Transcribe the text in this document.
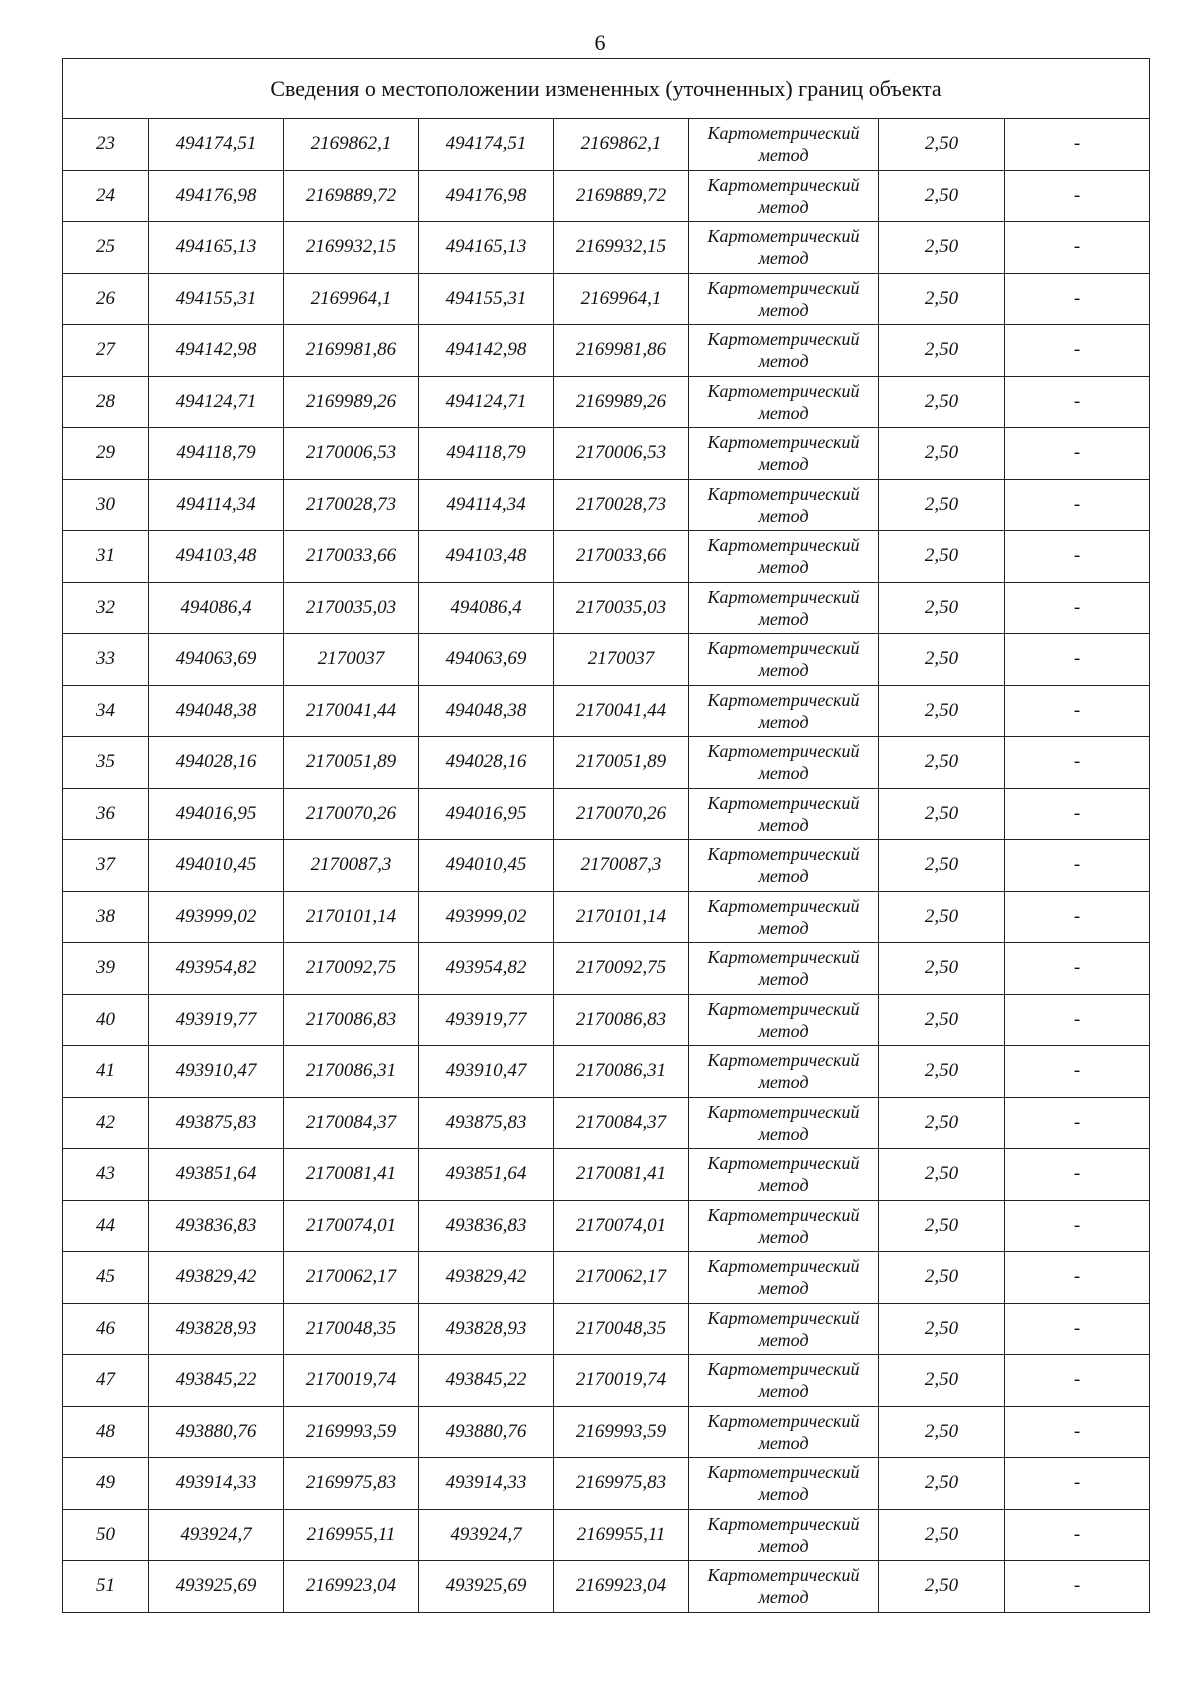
6
Сведения о местоположении измененных (уточненных) границ объекта							
23	494174,51	2169862,1	494174,51	2169862,1	Картометрический метод	2,50	-
24	494176,98	2169889,72	494176,98	2169889,72	Картометрический метод	2,50	-
25	494165,13	2169932,15	494165,13	2169932,15	Картометрический метод	2,50	-
26	494155,31	2169964,1	494155,31	2169964,1	Картометрический метод	2,50	-
27	494142,98	2169981,86	494142,98	2169981,86	Картометрический метод	2,50	-
28	494124,71	2169989,26	494124,71	2169989,26	Картометрический метод	2,50	-
29	494118,79	2170006,53	494118,79	2170006,53	Картометрический метод	2,50	-
30	494114,34	2170028,73	494114,34	2170028,73	Картометрический метод	2,50	-
31	494103,48	2170033,66	494103,48	2170033,66	Картометрический метод	2,50	-
32	494086,4	2170035,03	494086,4	2170035,03	Картометрический метод	2,50	-
33	494063,69	2170037	494063,69	2170037	Картометрический метод	2,50	-
34	494048,38	2170041,44	494048,38	2170041,44	Картометрический метод	2,50	-
35	494028,16	2170051,89	494028,16	2170051,89	Картометрический метод	2,50	-
36	494016,95	2170070,26	494016,95	2170070,26	Картометрический метод	2,50	-
37	494010,45	2170087,3	494010,45	2170087,3	Картометрический метод	2,50	-
38	493999,02	2170101,14	493999,02	2170101,14	Картометрический метод	2,50	-
39	493954,82	2170092,75	493954,82	2170092,75	Картометрический метод	2,50	-
40	493919,77	2170086,83	493919,77	2170086,83	Картометрический метод	2,50	-
41	493910,47	2170086,31	493910,47	2170086,31	Картометрический метод	2,50	-
42	493875,83	2170084,37	493875,83	2170084,37	Картометрический метод	2,50	-
43	493851,64	2170081,41	493851,64	2170081,41	Картометрический метод	2,50	-
44	493836,83	2170074,01	493836,83	2170074,01	Картометрический метод	2,50	-
45	493829,42	2170062,17	493829,42	2170062,17	Картометрический метод	2,50	-
46	493828,93	2170048,35	493828,93	2170048,35	Картометрический метод	2,50	-
47	493845,22	2170019,74	493845,22	2170019,74	Картометрический метод	2,50	-
48	493880,76	2169993,59	493880,76	2169993,59	Картометрический метод	2,50	-
49	493914,33	2169975,83	493914,33	2169975,83	Картометрический метод	2,50	-
50	493924,7	2169955,11	493924,7	2169955,11	Картометрический метод	2,50	-
51	493925,69	2169923,04	493925,69	2169923,04	Картометрический метод	2,50	-
